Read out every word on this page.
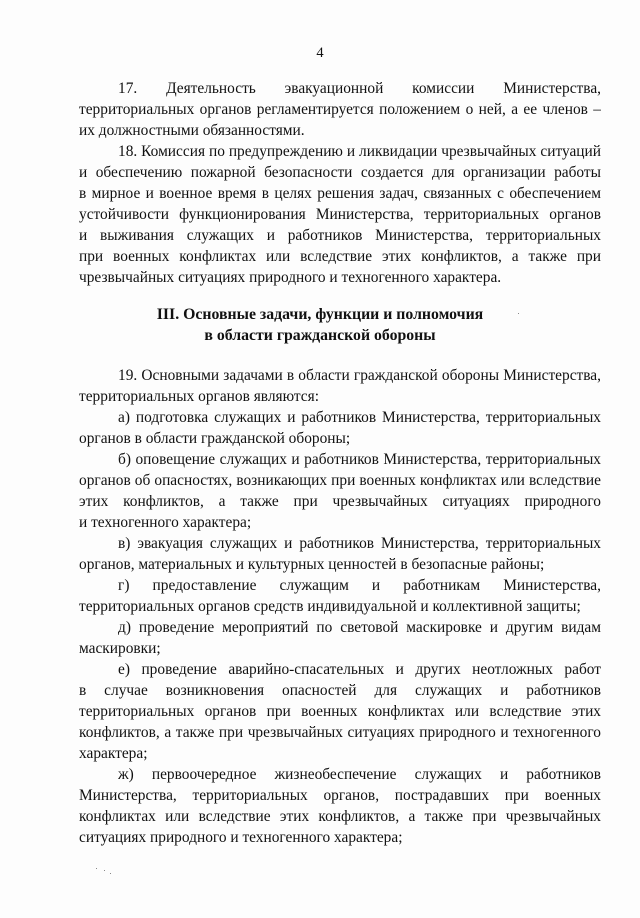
4
17. Деятельность эвакуационной комиссии Министерства,
территориальных органов регламентируется положением о ней, а ее членов –
их должностными обязанностями.
18. Комиссия по предупреждению и ликвидации чрезвычайных ситуаций
и обеспечению пожарной безопасности создается для организации работы
в мирное и военное время в целях решения задач, связанных с обеспечением
устойчивости функционирования Министерства, территориальных органов
и выживания служащих и работников Министерства, территориальных
при военных конфликтах или вследствие этих конфликтов, а также при
чрезвычайных ситуациях природного и техногенного характера.
III. Основные задачи, функции и полномочия
в области гражданской обороны
19. Основными задачами в области гражданской обороны Министерства,
территориальных органов являются:
а) подготовка служащих и работников Министерства, территориальных
органов в области гражданской обороны;
б) оповещение служащих и работников Министерства, территориальных
органов об опасностях, возникающих при военных конфликтах или вследствие
этих конфликтов, а также при чрезвычайных ситуациях природного
и техногенного характера;
в) эвакуация служащих и работников Министерства, территориальных
органов, материальных и культурных ценностей в безопасные районы;
г) предоставление служащим и работникам Министерства,
территориальных органов средств индивидуальной и коллективной защиты;
д) проведение мероприятий по световой маскировке и другим видам
маскировки;
е) проведение аварийно-спасательных и других неотложных работ
в случае возникновения опасностей для служащих и работников
территориальных органов при военных конфликтах или вследствие этих
конфликтов, а также при чрезвычайных ситуациях природного и техногенного
характера;
ж) первоочередное жизнеобеспечение служащих и работников
Министерства, территориальных органов, пострадавших при военных
конфликтах или вследствие этих конфликтов, а также при чрезвычайных
ситуациях природного и техногенного характера;
